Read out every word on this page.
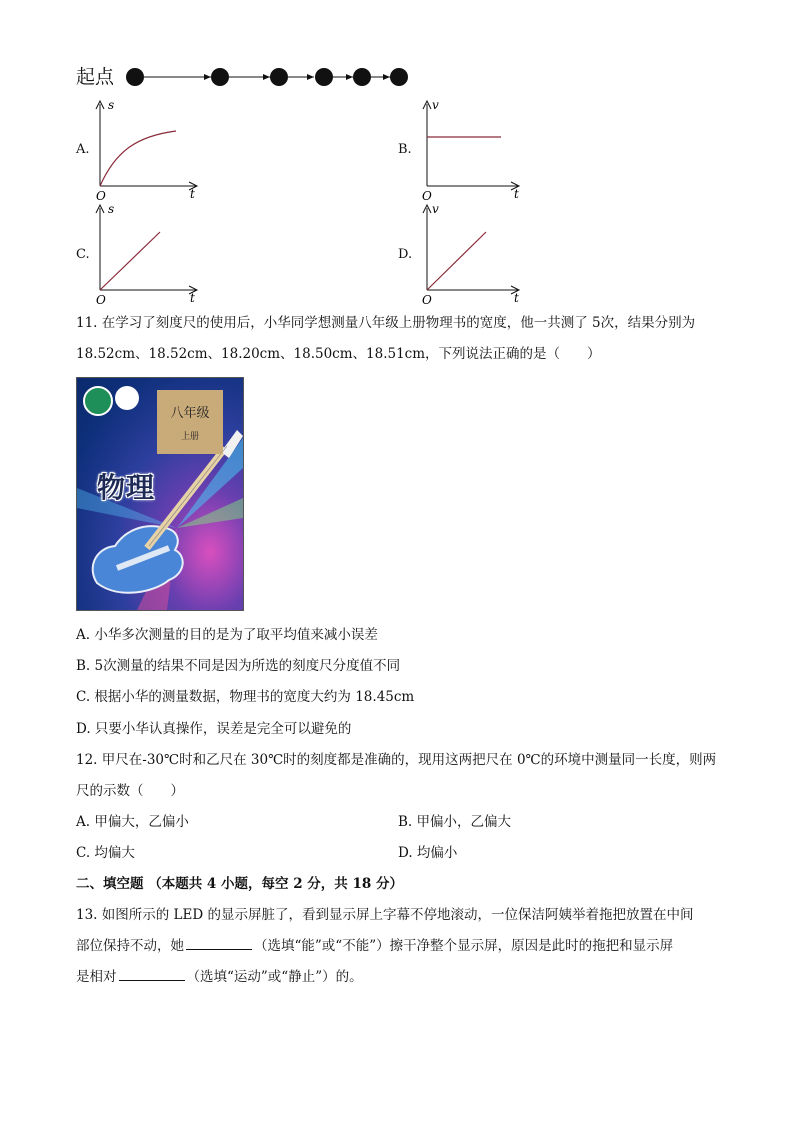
起点
A.
s
t
O
B.
v
t
O
C.
s
t
O
D.
v
t
O
11. 在学习了刻度尺的使用后，小华同学想测量八年级上册物理书的宽度，他一共测了 5次，结果分别为
18.52cm、18.52cm、18.20cm、18.50cm、18.51cm，下列说法正确的是（　　）
八年级
上册
物理
A. 小华多次测量的目的是为了取平均值来减小误差
B. 5次测量的结果不同是因为所选的刻度尺分度值不同
C. 根据小华的测量数据，物理书的宽度大约为 18.45cm
D. 只要小华认真操作，误差是完全可以避免的
12. 甲尺在-30℃时和乙尺在 30℃时的刻度都是准确的，现用这两把尺在 0℃的环境中测量同一长度，则两
尺的示数（　　）
A. 甲偏大，乙偏小	B. 甲偏小，乙偏大
C. 均偏大	D. 均偏小
二、填空题 （本题共 4 小题，每空 2 分，共 18 分）
13. 如图所示的 LED 的显示屏脏了，看到显示屏上字幕不停地滚动，一位保洁阿姨举着拖把放置在中间
部位保持不动，她	（选填“能”或“不能”）擦干净整个显示屏，原因是此时的拖把和显示屏
是相对	（选填“运动”或“静止”）的。
